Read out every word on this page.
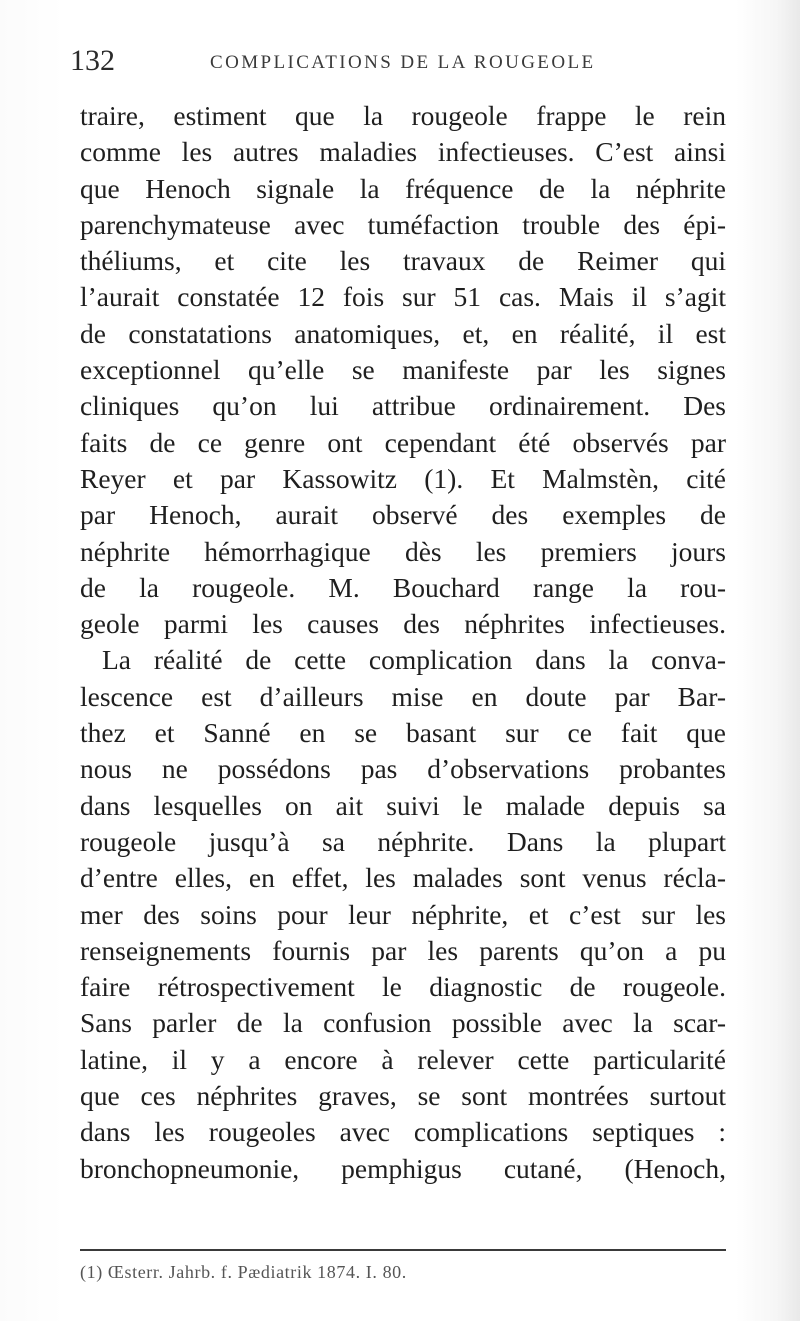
132	COMPLICATIONS DE LA ROUGEOLE
traire, estiment que la rougeole frappe le rein
comme les autres maladies infectieuses. C’est ainsi
que Henoch signale la fréquence de la néphrite
parenchymateuse avec tuméfaction trouble des épi-
théliums, et cite les travaux de Reimer qui
l’aurait constatée 12 fois sur 51 cas. Mais il s’agit
de constatations anatomiques, et, en réalité, il est
exceptionnel qu’elle se manifeste par les signes
cliniques qu’on lui attribue ordinairement. Des
faits de ce genre ont cependant été observés par
Reyer et par Kassowitz (1). Et Malmstèn, cité
par Henoch, aurait observé des exemples de
néphrite hémorrhagique dès les premiers jours
de la rougeole. M. Bouchard range la rou-
geole parmi les causes des néphrites infectieuses.
La réalité de cette complication dans la conva-
lescence est d’ailleurs mise en doute par Bar-
thez et Sanné en se basant sur ce fait que
nous ne possédons pas d’observations probantes
dans lesquelles on ait suivi le malade depuis sa
rougeole jusqu’à sa néphrite. Dans la plupart
d’entre elles, en effet, les malades sont venus récla-
mer des soins pour leur néphrite, et c’est sur les
renseignements fournis par les parents qu’on a pu
faire rétrospectivement le diagnostic de rougeole.
Sans parler de la confusion possible avec la scar-
latine, il y a encore à relever cette particularité
que ces néphrites graves, se sont montrées surtout
dans les rougeoles avec complications septiques :
bronchopneumonie, pemphigus cutané, (Henoch,
(1) Œsterr. Jahrb. f. Pædiatrik 1874. I. 80.
